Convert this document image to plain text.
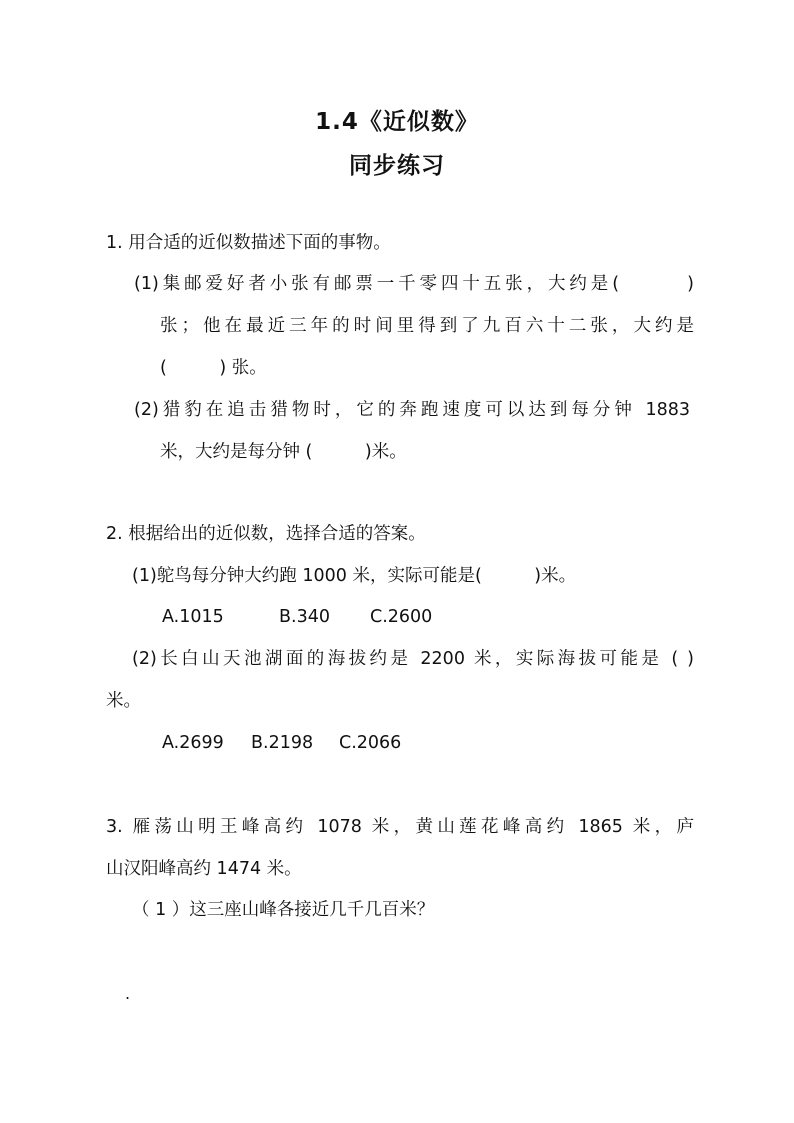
1.4《近似数》
同步练习
1. 用合适的近似数描述下面的事物。
(1)集邮爱好者小张有邮票一千零四十五张，大约是(　　　)
张；他在最近三年的时间里得到了九百六十二张，大约是
(　　　) 张。
(2)猎豹在追击猎物时，它的奔跑速度可以达到每分钟 1883
米，大约是每分钟 (　　　)米。
2. 根据给出的近似数，选择合适的答案。
(1)鸵鸟每分钟大约跑 1000 米，实际可能是(　　　)米。
A.1015	B.340 C.2600
(2)长白山天池湖面的海拔约是 2200 米，实际海拔可能是 ( )
米。
A.2699 B.2198 C.2066
3. 雁荡山明王峰高约 1078 米，黄山莲花峰高约 1865 米，庐
山汉阳峰高约 1474 米。
（ 1 ）这三座山峰各接近几千几百米？
.
